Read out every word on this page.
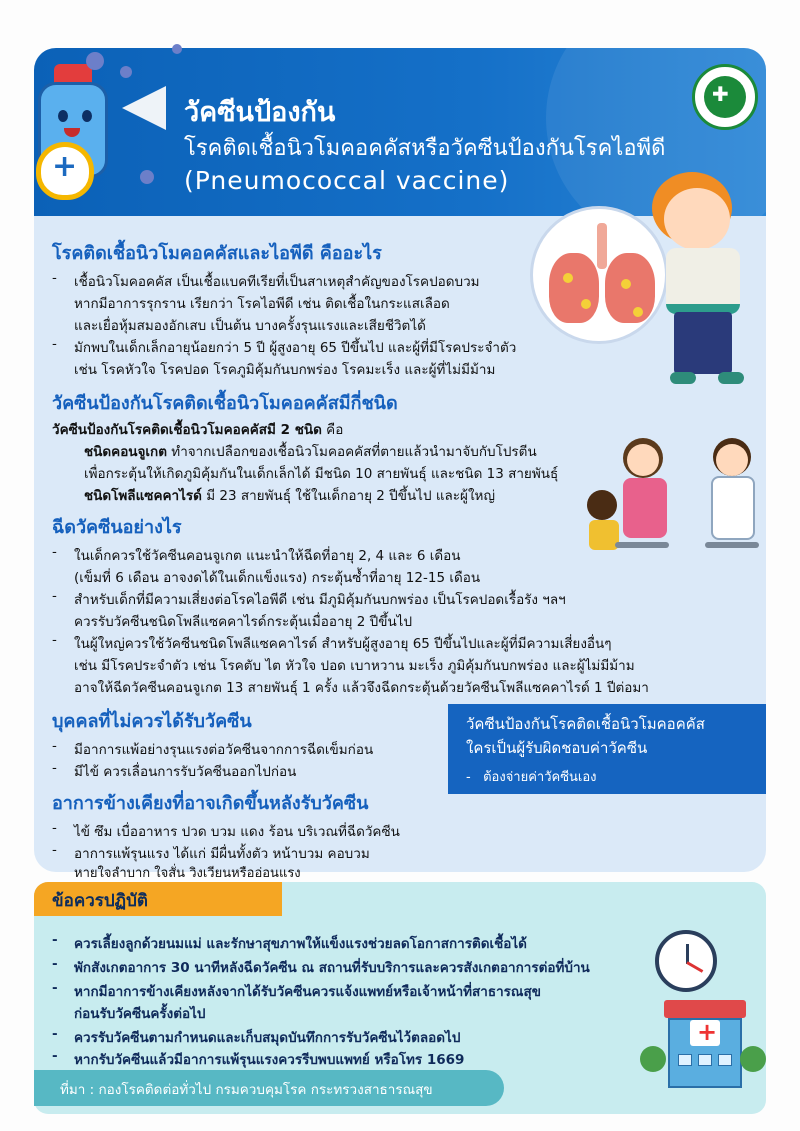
วัคซีนป้องกัน
โรคติดเชื้อนิวโมคอคคัสหรือวัคซีนป้องกันโรคไอพีดี
(Pneumococcal vaccine)
+
✚
โรคติดเชื้อนิวโมคอคคัสและไอพีดี คืออะไร
- เชื้อนิวโมคอคคัส เป็นเชื้อแบคทีเรียที่เป็นสาเหตุสำคัญของโรคปอดบวม
หากมีอาการรุกราน เรียกว่า โรคไอพีดี เช่น ติดเชื้อในกระแสเลือด
และเยื่อหุ้มสมองอักเสบ เป็นต้น บางครั้งรุนแรงและเสียชีวิตได้
- มักพบในเด็กเล็กอายุน้อยกว่า 5 ปี ผู้สูงอายุ 65 ปีขึ้นไป และผู้ที่มีโรคประจำตัว
เช่น โรคหัวใจ โรคปอด โรคภูมิคุ้มกันบกพร่อง โรคมะเร็ง และผู้ที่ไม่มีม้าม
วัคซีนป้องกันโรคติดเชื้อนิวโมคอคคัสมีกี่ชนิด
วัคซีนป้องกันโรคติดเชื้อนิวโมคอคคัสมี 2 ชนิด คือ
ชนิดคอนจูเกต ทำจากเปลือกของเชื้อนิวโมคอคคัสที่ตายแล้วนำมาจับกับโปรตีน
เพื่อกระตุ้นให้เกิดภูมิคุ้มกันในเด็กเล็กได้ มีชนิด 10 สายพันธุ์ และชนิด 13 สายพันธุ์
ชนิดโพลีแซคคาไรด์ มี 23 สายพันธุ์ ใช้ในเด็กอายุ 2 ปีขึ้นไป และผู้ใหญ่
ฉีดวัคซีนอย่างไร
- ในเด็กควรใช้วัคซีนคอนจูเกต แนะนำให้ฉีดที่อายุ 2, 4 และ 6 เดือน
(เข็มที่ 6 เดือน อาจงดได้ในเด็กแข็งแรง) กระตุ้นซ้ำที่อายุ 12-15 เดือน
- สำหรับเด็กที่มีความเสี่ยงต่อโรคไอพีดี เช่น มีภูมิคุ้มกันบกพร่อง เป็นโรคปอดเรื้อรัง ฯลฯ
ควรรับวัคซีนชนิดโพลีแซคคาไรด์กระตุ้นเมื่ออายุ 2 ปีขึ้นไป
- ในผู้ใหญ่ควรใช้วัคซีนชนิดโพลีแซคคาไรด์ สำหรับผู้สูงอายุ 65 ปีขึ้นไปและผู้ที่มีความเสี่ยงอื่นๆ
เช่น มีโรคประจำตัว เช่น โรคตับ ไต หัวใจ ปอด เบาหวาน มะเร็ง ภูมิคุ้มกันบกพร่อง และผู้ไม่มีม้าม
อาจให้ฉีดวัคซีนคอนจูเกต 13 สายพันธุ์ 1 ครั้ง แล้วจึงฉีดกระตุ้นด้วยวัคซีนโพลีแซคคาไรด์ 1 ปีต่อมา
บุคคลที่ไม่ควรได้รับวัคซีน
- มีอาการแพ้อย่างรุนแรงต่อวัคซีนจากการฉีดเข็มก่อน
- มีไข้ ควรเลื่อนการรับวัคซีนออกไปก่อน
วัคซีนป้องกันโรคติดเชื้อนิวโมคอคคัส
ใครเป็นผู้รับผิดชอบค่าวัคซีน
-   ต้องจ่ายค่าวัคซีนเอง
อาการข้างเคียงที่อาจเกิดขึ้นหลังรับวัคซีน
- ไข้ ซึม เบื่ออาหาร ปวด บวม แดง ร้อน บริเวณที่ฉีดวัคซีน
- อาการแพ้รุนแรง ได้แก่ มีผื่นทั้งตัว หน้าบวม คอบวม
หายใจลำบาก ใจสั่น วิงเวียนหรืออ่อนแรง
ข้อควรปฏิบัติ
- ควรเลี้ยงลูกด้วยนมแม่ และรักษาสุขภาพให้แข็งแรงช่วยลดโอกาสการติดเชื้อได้
- พักสังเกตอาการ 30 นาทีหลังฉีดวัคซีน ณ สถานที่รับบริการและควรสังเกตอาการต่อที่บ้าน
- หากมีอาการข้างเคียงหลังจากได้รับวัคซีนควรแจ้งแพทย์หรือเจ้าหน้าที่สาธารณสุข
ก่อนรับวัคซีนครั้งต่อไป
- ควรรับวัคซีนตามกำหนดและเก็บสมุดบันทึกการรับวัคซีนไว้ตลอดไป
- หากรับวัคซีนแล้วมีอาการแพ้รุนแรงควรรีบพบแพทย์ หรือโทร 1669
+
ที่มา : กองโรคติดต่อทั่วไป กรมควบคุมโรค กระทรวงสาธารณสุข
